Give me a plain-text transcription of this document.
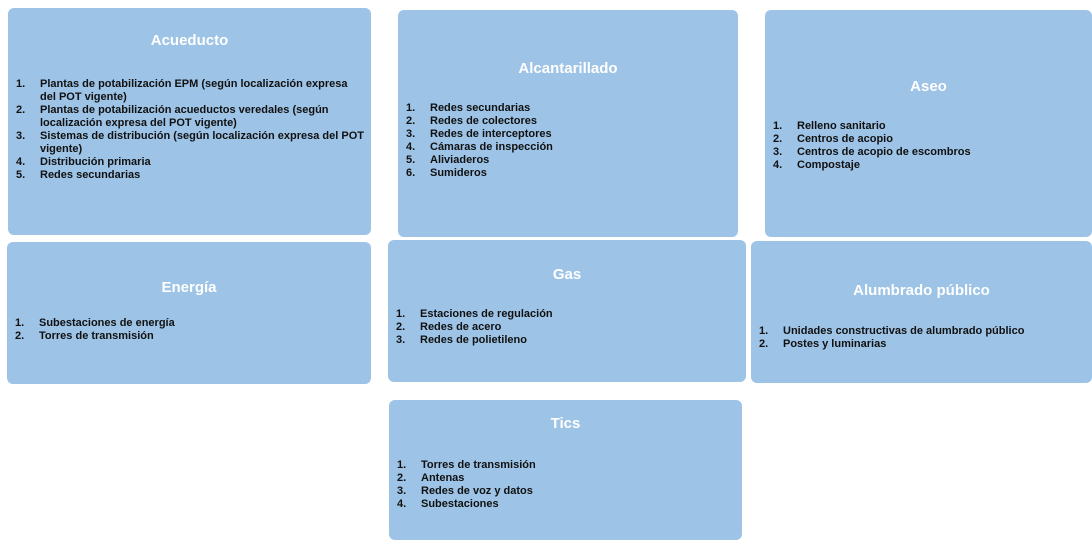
Acueducto
1.	Plantas de potabilización EPM (según localización expresa del POT vigente)
2.	Plantas de potabilización acueductos veredales (según localización expresa del POT vigente)
3.	Sistemas de distribución (según localización expresa del POT vigente)
4.	Distribución primaria
5.	Redes secundarias
Alcantarillado
1.	Redes secundarias
2.	Redes de colectores
3.	Redes de interceptores
4.	Cámaras de inspección
5.	Aliviaderos
6.	Sumideros
Aseo
1.	Relleno sanitario
2.	Centros de acopio
3.	Centros de acopio de escombros
4.	Compostaje
Energía
1.	Subestaciones de energía
2.	Torres de transmisión
Gas
1.	Estaciones de regulación
2.	Redes de acero
3.	Redes de polietileno
Alumbrado público
1.	Unidades constructivas de alumbrado público
2.	Postes y luminarias
Tics
1.	Torres de transmisión
2.	Antenas
3.	Redes de voz y datos
4.	Subestaciones
